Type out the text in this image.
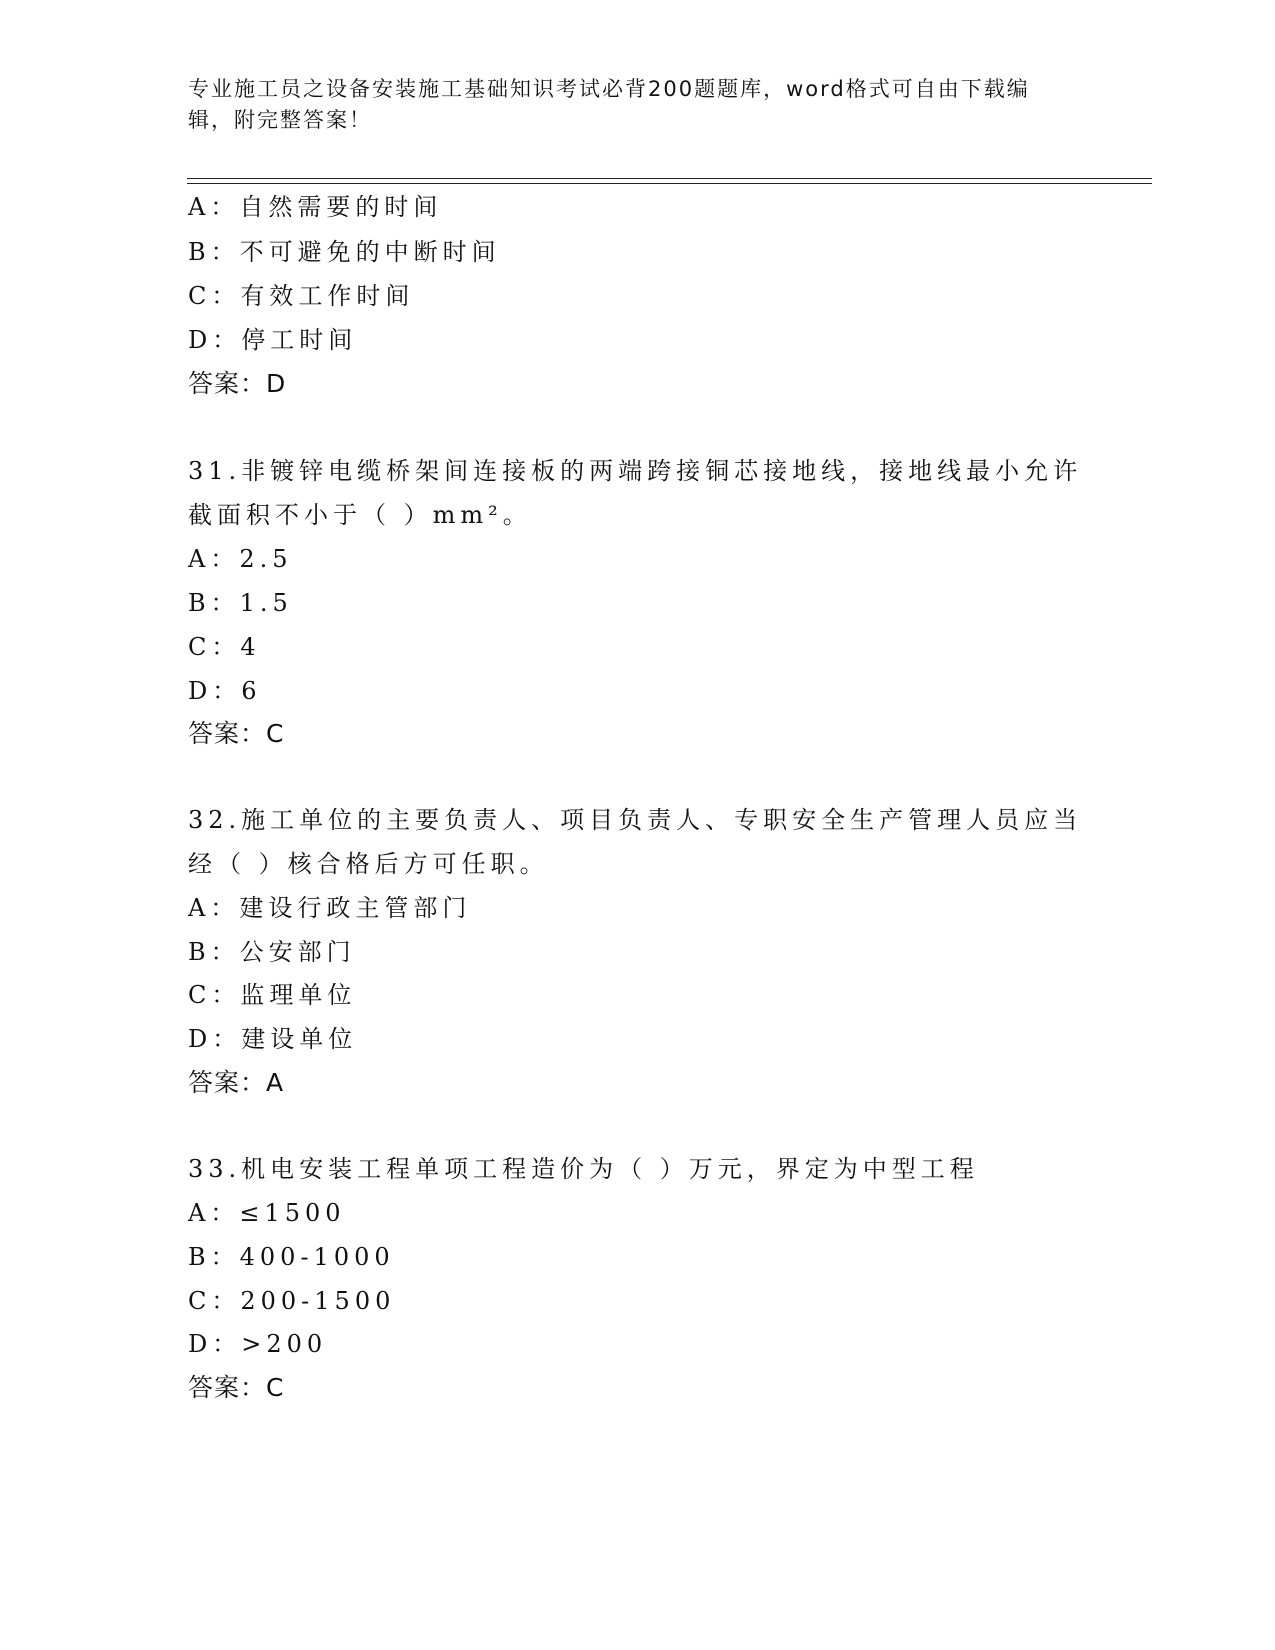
专业施工员之设备安装施工基础知识考试必背200题题库，word格式可自由下载编辑，附完整答案！
A：自然需要的时间
B：不可避免的中断时间
C：有效工作时间
D：停工时间
答案：D
31.非镀锌电缆桥架间连接板的两端跨接铜芯接地线，接地线最小允许
截面积不小于（ ）mm²。
A：2.5
B：1.5
C：4
D：6
答案：C
32.施工单位的主要负责人、项目负责人、专职安全生产管理人员应当
经（ ）核合格后方可任职。
A：建设行政主管部门
B：公安部门
C：监理单位
D：建设单位
答案：A
33.机电安装工程单项工程造价为（ ）万元，界定为中型工程
A：≤1500
B：400-1000
C：200-1500
D：>200
答案：C
